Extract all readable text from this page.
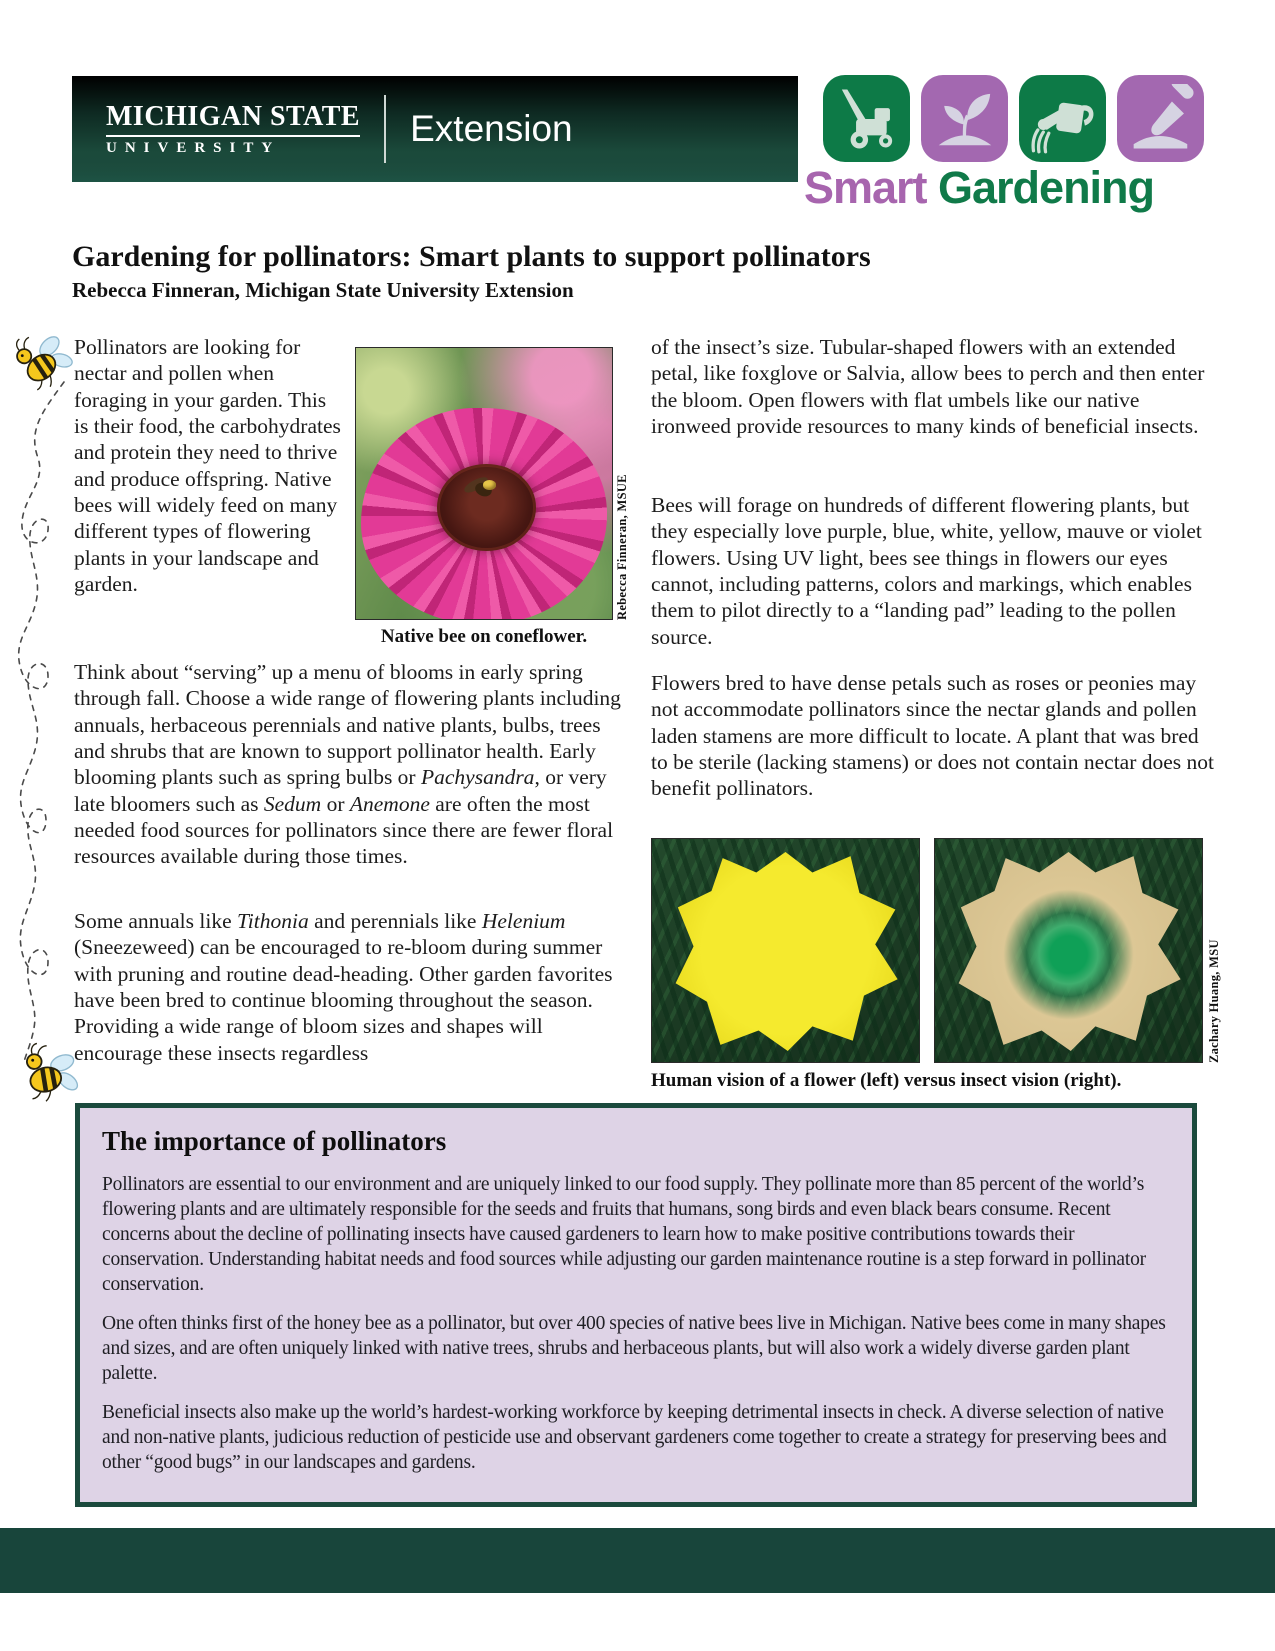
MICHIGAN STATE
UNIVERSITY	Extension
Smart Gardening
Gardening for pollinators: Smart plants to support pollinators
Rebecca Finneran, Michigan State University Extension
Pollinators are looking for nectar and pollen when foraging in your garden. This is their food, the carbohydrates and protein they need to thrive and produce offspring. Native bees will widely feed on many different types of flowering plants in your landscape and garden.	Rebecca Finneran, MSUE
Native bee on coneflower.
Think about “serving” up a menu of blooms in early spring through fall. Choose a wide range of flowering plants including annuals, herbaceous perennials and native plants, bulbs, trees and shrubs that are known to support pollinator health. Early blooming plants such as spring bulbs or Pachysandra, or very late bloomers such as Sedum or Anemone are often the most needed food sources for pollinators since there are fewer floral resources available during those times.
Some annuals like Tithonia and perennials like Helenium (Sneezeweed) can be encouraged to re-bloom during summer with pruning and routine dead-heading. Other garden favorites have been bred to continue blooming throughout the season. Providing a wide range of bloom sizes and shapes will encourage these insects regardless
of the insect’s size. Tubular-shaped flowers with an extended petal, like foxglove or Salvia, allow bees to perch and then enter the bloom. Open flowers with flat umbels like our native ironweed provide resources to many kinds of beneficial insects.
Bees will forage on hundreds of different flowering plants, but they especially love purple, blue, white, yellow, mauve or violet flowers. Using UV light, bees see things in flowers our eyes cannot, including patterns, colors and markings, which enables them to pilot directly to a “landing pad” leading to the pollen source.
Flowers bred to have dense petals such as roses or peonies may not accommodate pollinators since the nectar glands and pollen laden stamens are more difficult to locate. A plant that was bred to be sterile (lacking stamens) or does not contain nectar does not benefit pollinators.
Zachary Huang, MSU
Human vision of a flower (left) versus insect vision (right).
The importance of pollinators

Pollinators are essential to our environment and are uniquely linked to our food supply. They pollinate more than 85 percent of the world’s flowering plants and are ultimately responsible for the seeds and fruits that humans, song birds and even black bears consume. Recent concerns about the decline of pollinating insects have caused gardeners to learn how to make positive contributions towards their conservation. Understanding habitat needs and food sources while adjusting our garden maintenance routine is a step forward in pollinator conservation.

One often thinks first of the honey bee as a pollinator, but over 400 species of native bees live in Michigan. Native bees come in many shapes and sizes, and are often uniquely linked with native trees, shrubs and herbaceous plants, but will also work a widely diverse garden plant palette.

Beneficial insects also make up the world’s hardest-working workforce by keeping detrimental insects in check. A diverse selection of native and non-native plants, judicious reduction of pesticide use and observant gardeners come together to create a strategy for preserving bees and other “good bugs” in our landscapes and gardens.
